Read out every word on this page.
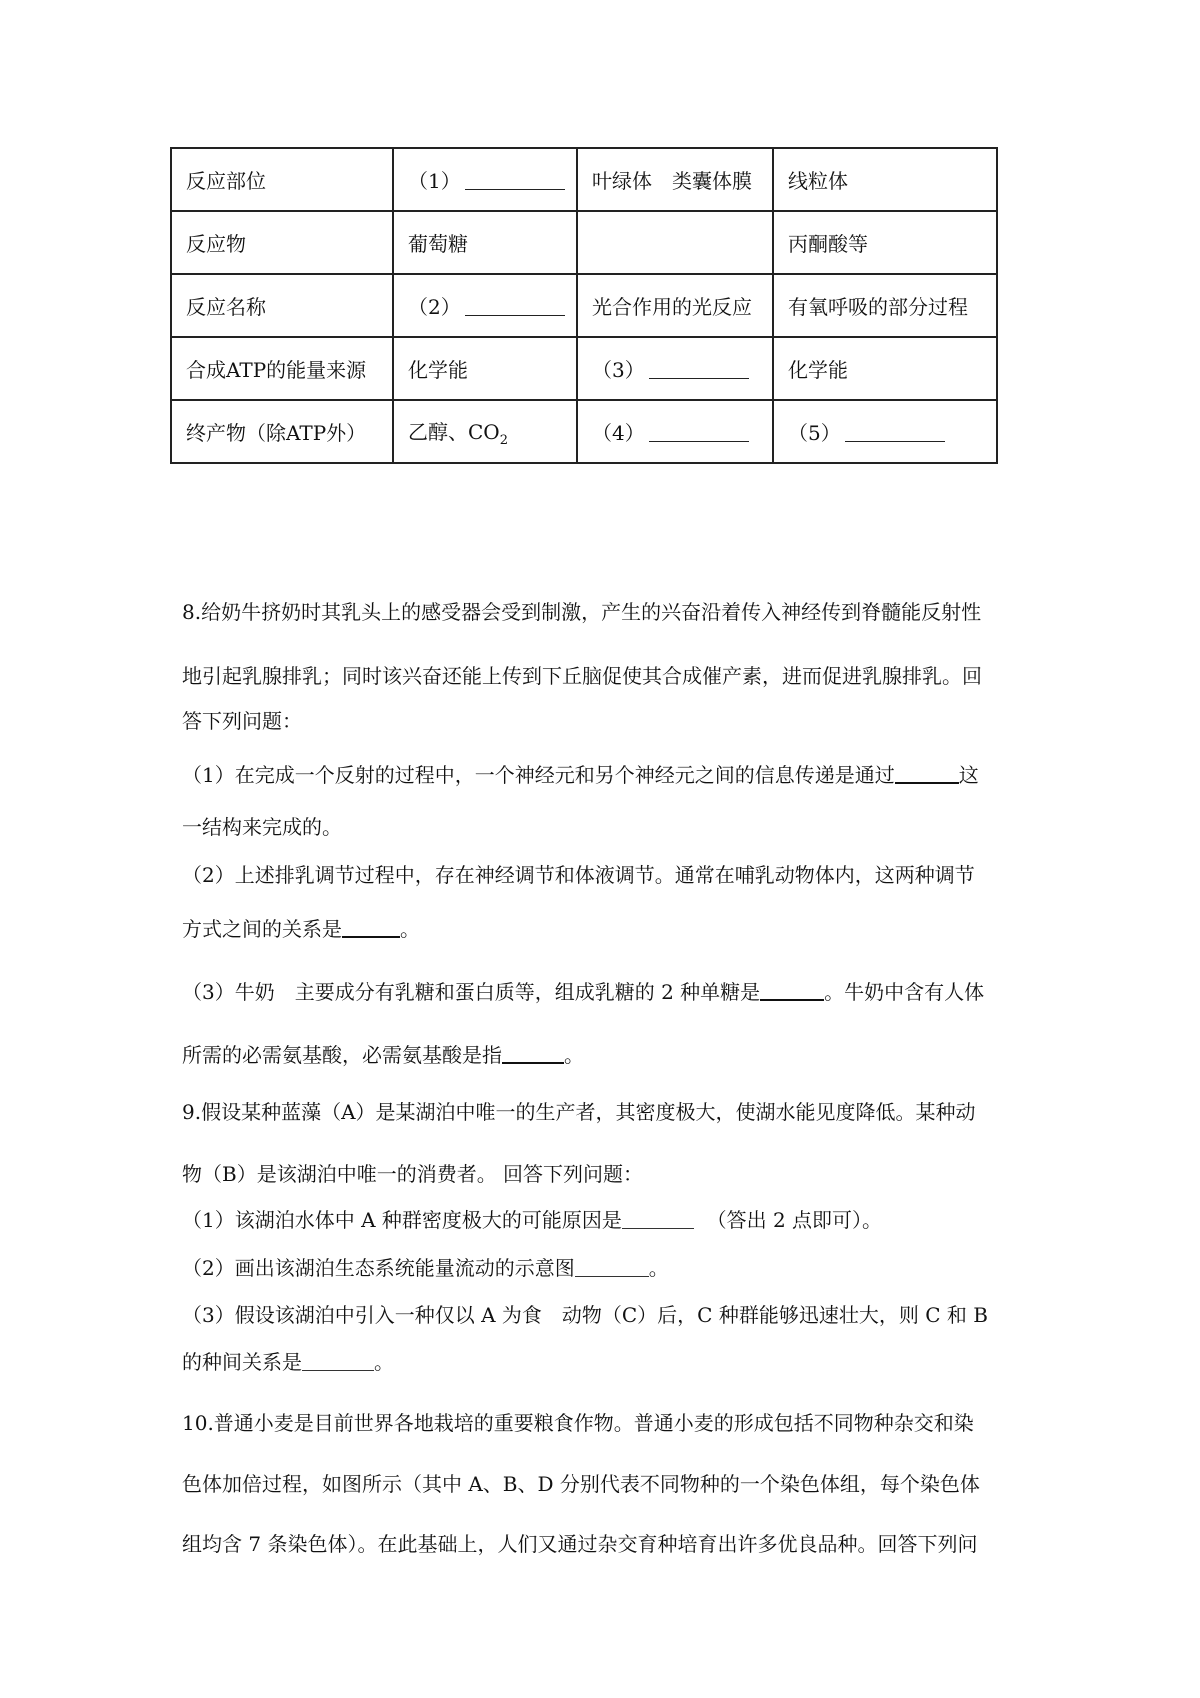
反应部位	（1）	叶绿体　类囊体膜	线粒体
反应物	葡萄糖		丙酮酸等
反应名称	（2）	光合作用的光反应	有氧呼吸的部分过程
合成ATP的能量来源	化学能	（3）	化学能
终产物（除ATP外）	乙醇、$CO_2$	（4）	（5）
8.给奶牛挤奶时其乳头上的感受器会受到制激，产生的兴奋沿着传入神经传到脊髓能反射性
地引起乳腺排乳；同时该兴奋还能上传到下丘脑促使其合成催产素，进而促进乳腺排乳。回
答下列问题：
（1）在完成一个反射的过程中，一个神经元和另个神经元之间的信息传递是通过	这
一结构来完成的。
（2）上述排乳调节过程中，存在神经调节和体液调节。通常在哺乳动物体内，这两种调节
方式之间的关系是	。
（3）牛奶　主要成分有乳糖和蛋白质等，组成乳糖的 2 种单糖是	。牛奶中含有人体
所需的必需氨基酸，必需氨基酸是指	。
9.假设某种蓝藻（A）是某湖泊中唯一的生产者，其密度极大，使湖水能见度降低。某种动
物（B）是该湖泊中唯一的消费者。 回答下列问题：
（1）该湖泊水体中 A 种群密度极大的可能原因是	（答出 2 点即可）。
（2）画出该湖泊生态系统能量流动的示意图	。
（3）假设该湖泊中引入一种仅以 A 为食　动物（C）后，C 种群能够迅速壮大，则 C 和 B
的种间关系是	。
10.普通小麦是目前世界各地栽培的重要粮食作物。普通小麦的形成包括不同物种杂交和染
色体加倍过程，如图所示（其中 A、B、D 分别代表不同物种的一个染色体组，每个染色体
组均含 7 条染色体）。在此基础上，人们又通过杂交育种培育出许多优良品种。回答下列问
